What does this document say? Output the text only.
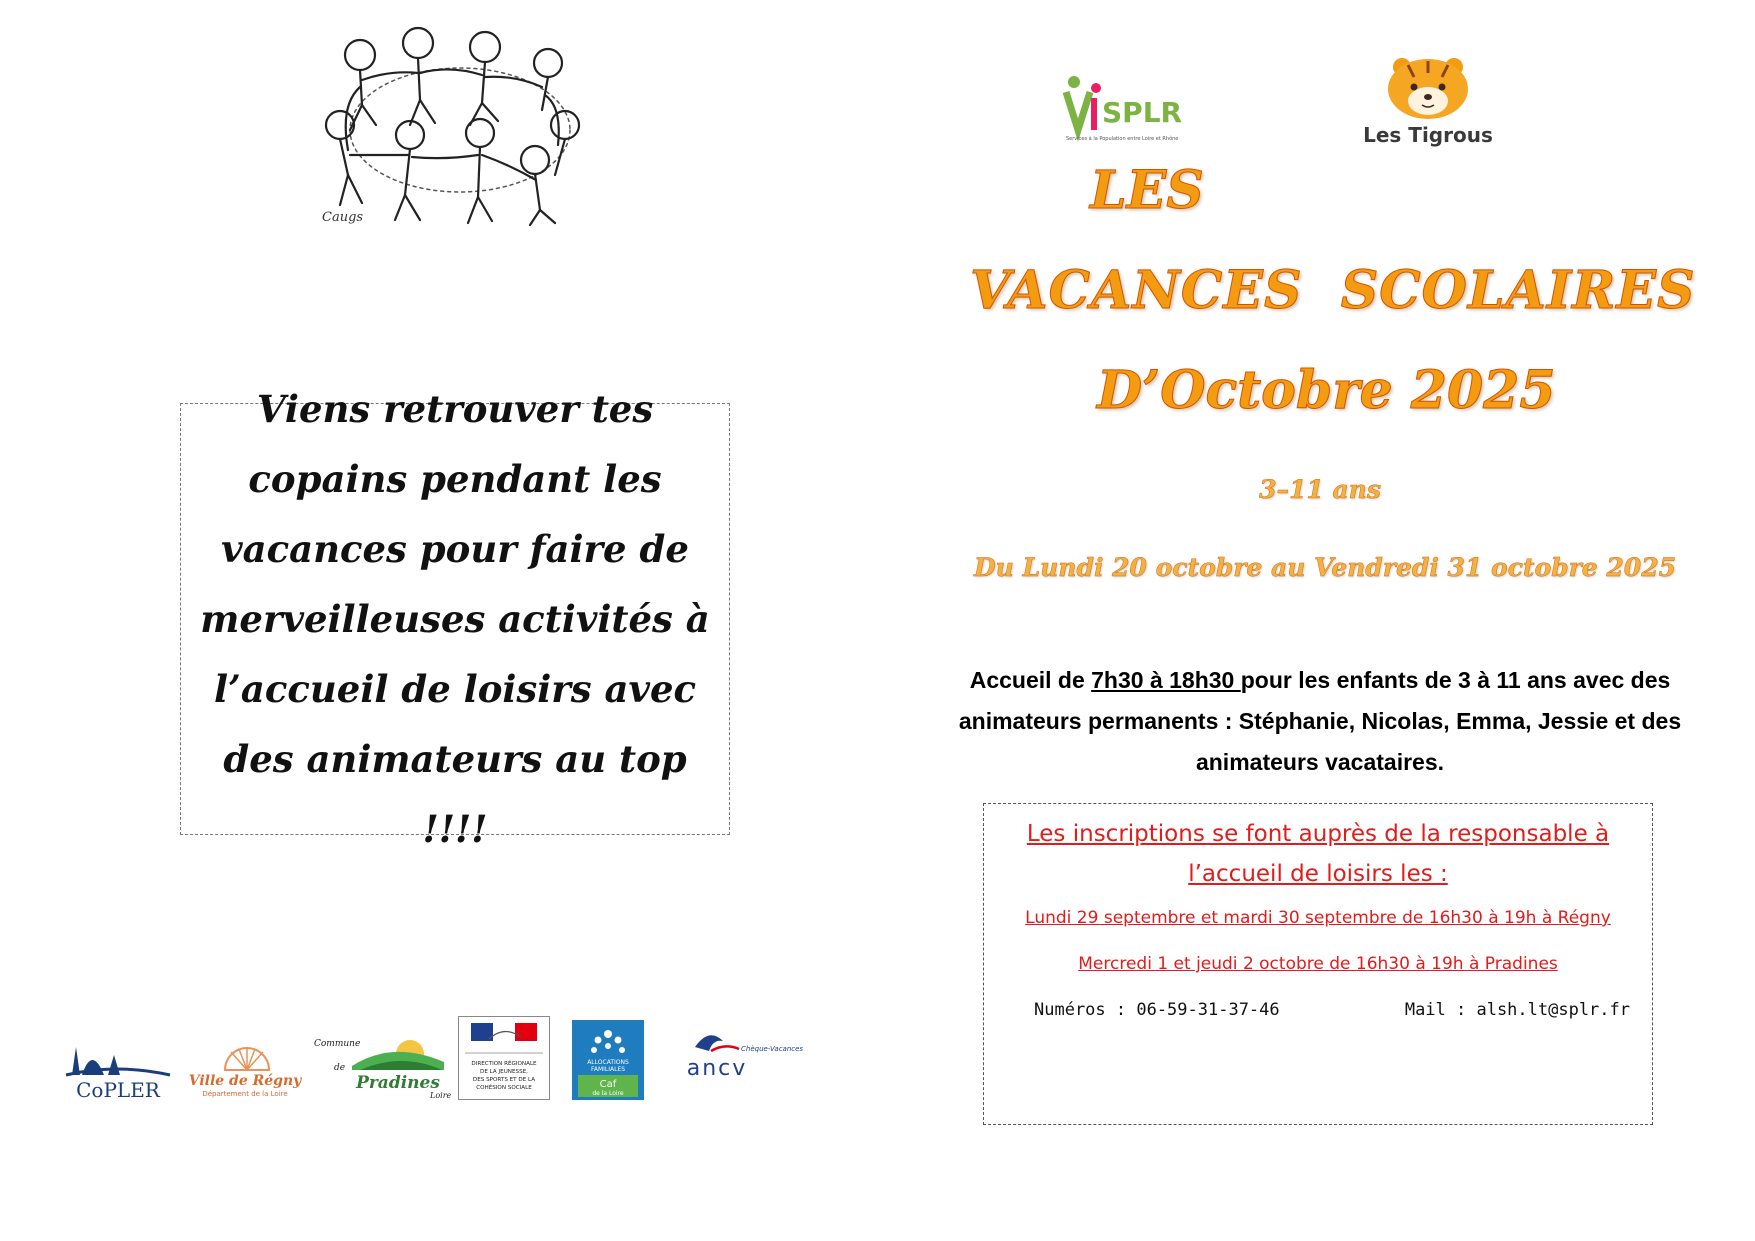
Caugs
Viens retrouver tes copains pendant les vacances pour faire de merveilleuses activités à l’accueil de loisirs avec des animateurs au top !!!!
CoPLER Ville de Régny
Département de la Loire
Commune
de
Pradines
Loire
DIRECTION RÉGIONALE
DE LA JEUNESSE,
DES SPORTS ET DE LA
COHÉSION SOCIALE
ALLOCATIONS
FAMILIALES
Caf
de la Loire
Chèque-Vacances
ancv
SPLR
Services à la Population entre Loire et Rhône	Les Tigrous
LES
VACANCES  SCOLAIRES
D’Octobre 2025
3–11 ans
Du Lundi 20 octobre au Vendredi 31 octobre 2025
Accueil de 7h30 à 18h30 pour les enfants de 3 à 11 ans avec des animateurs permanents : Stéphanie, Nicolas, Emma, Jessie et des animateurs vacataires.
Les inscriptions se font auprès de la responsable à l’accueil de loisirs les :
Lundi 29 septembre et mardi 30 septembre de 16h30 à 19h à Régny
Mercredi 1 et jeudi 2 octobre de 16h30 à 19h à Pradines
Numéros : 06-59-31-37-46	Mail : alsh.lt@splr.fr
